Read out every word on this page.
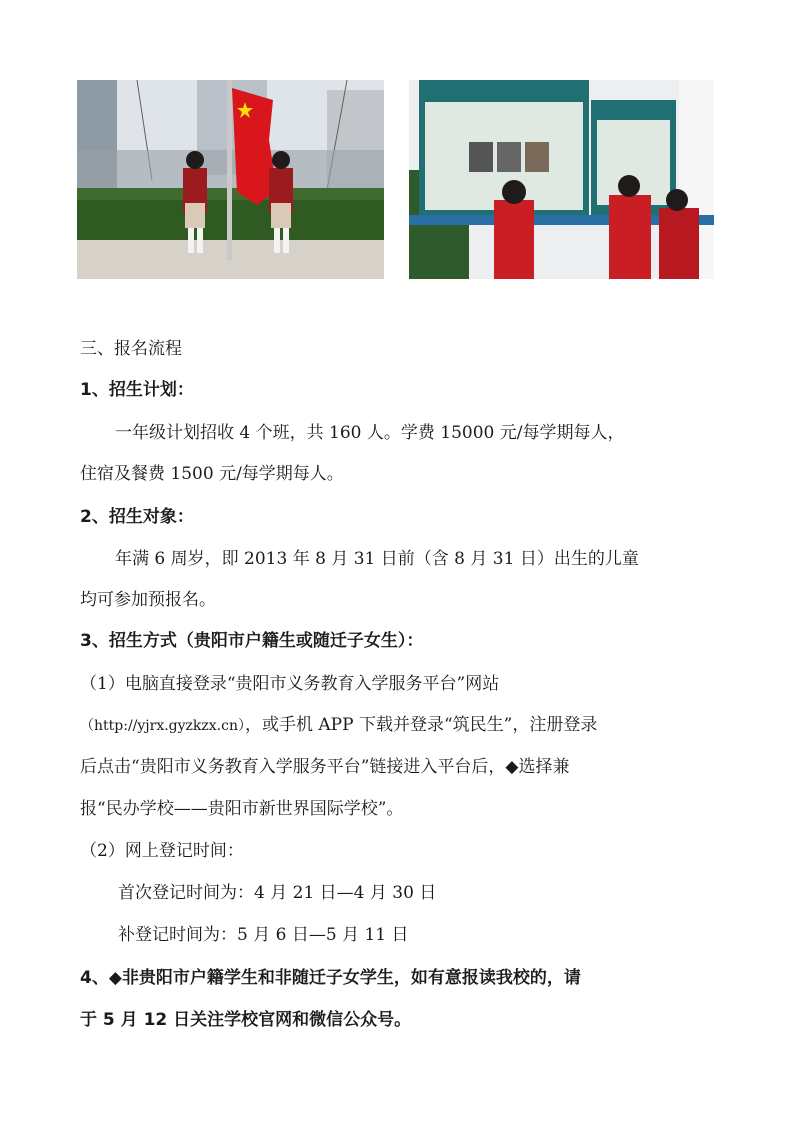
三、报名流程
1、招生计划：
一年级计划招收 4 个班，共 160 人。学费 15000 元/每学期每人，
住宿及餐费 1500 元/每学期每人。
2、招生对象：
年满 6 周岁，即 2013 年 8 月 31 日前（含 8 月 31 日）出生的儿童
均可参加预报名。
3、招生方式（贵阳市户籍生或随迁子女生）：
（1）电脑直接登录“贵阳市义务教育入学服务平台”网站
（http://yjrx.gyzkzx.cn），或手机 APP 下载并登录“筑民生”，注册登录
后点击“贵阳市义务教育入学服务平台”链接进入平台后，◆选择兼
报“民办学校——贵阳市新世界国际学校”。
（2）网上登记时间：
首次登记时间为：4 月 21 日—4 月 30 日
补登记时间为：5 月 6 日—5 月 11 日
4、◆非贵阳市户籍学生和非随迁子女学生，如有意报读我校的，请
于 5 月 12 日关注学校官网和微信公众号。
